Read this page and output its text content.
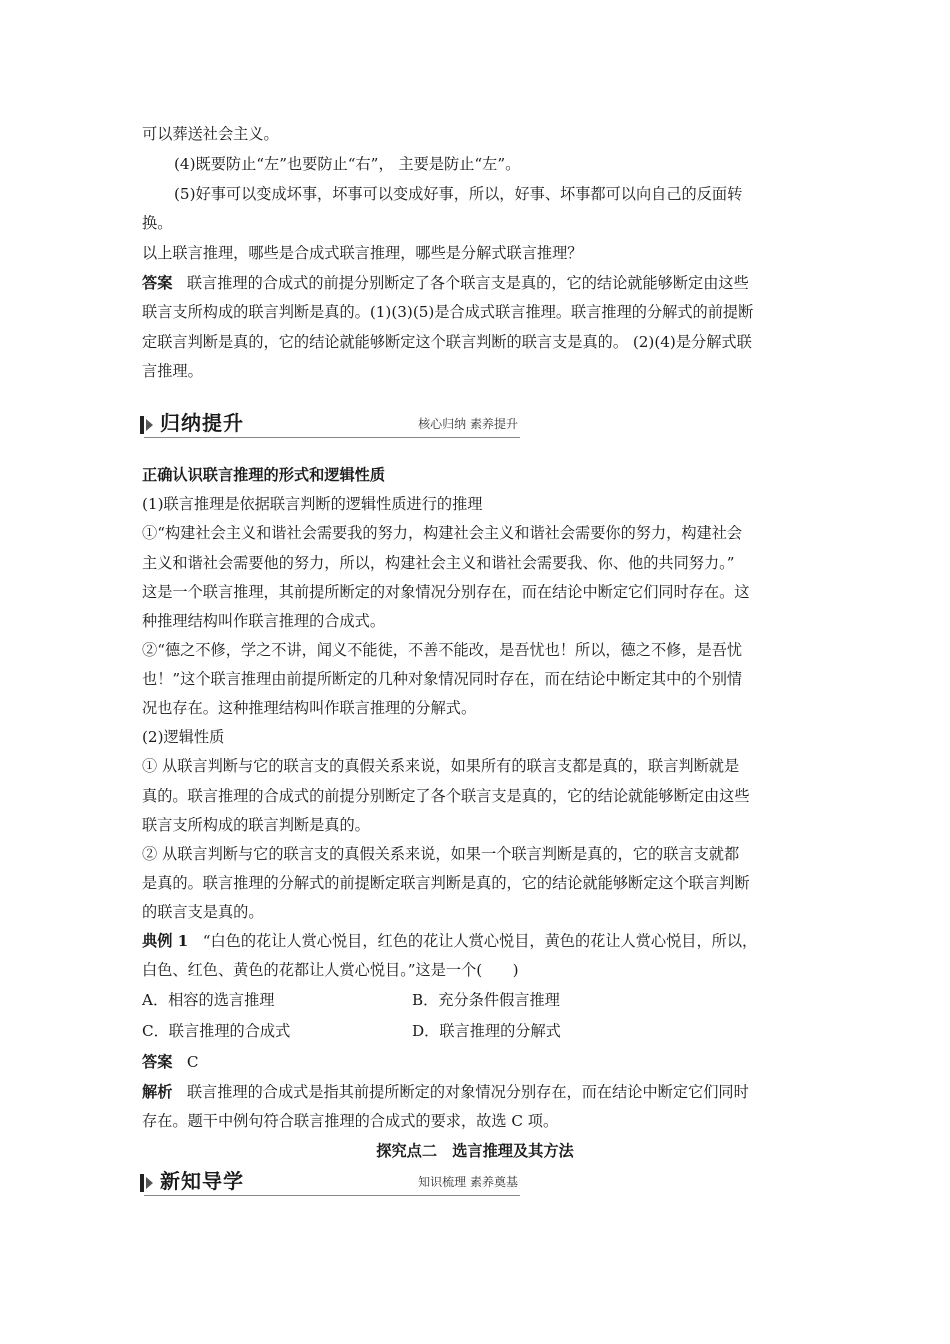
可以葬送社会主义。
(4)既要防止“左”也要防止“右”， 主要是防止“左”。
(5)好事可以变成坏事，坏事可以变成好事，所以，好事、坏事都可以向自己的反面转
换。
以上联言推理，哪些是合成式联言推理，哪些是分解式联言推理？
答案 联言推理的合成式的前提分别断定了各个联言支是真的，它的结论就能够断定由这些
联言支所构成的联言判断是真的。(1)(3)(5)是合成式联言推理。联言推理的分解式的前提断
定联言判断是真的，它的结论就能够断定这个联言判断的联言支是真的。 (2)(4)是分解式联
言推理。
归纳提升	核心归纳 素养提升
正确认识联言推理的形式和逻辑性质
(1)联言推理是依据联言判断的逻辑性质进行的推理
①“构建社会主义和谐社会需要我的努力，构建社会主义和谐社会需要你的努力，构建社会
主义和谐社会需要他的努力，所以，构建社会主义和谐社会需要我、你、他的共同努力。”
这是一个联言推理，其前提所断定的对象情况分别存在，而在结论中断定它们同时存在。这
种推理结构叫作联言推理的合成式。
②“德之不修，学之不讲，闻义不能徙，不善不能改，是吾忧也！所以，德之不修，是吾忧
也！”这个联言推理由前提所断定的几种对象情况同时存在，而在结论中断定其中的个别情
况也存在。这种推理结构叫作联言推理的分解式。
(2)逻辑性质
① 从联言判断与它的联言支的真假关系来说，如果所有的联言支都是真的，联言判断就是
真的。联言推理的合成式的前提分别断定了各个联言支是真的，它的结论就能够断定由这些
联言支所构成的联言判断是真的。
② 从联言判断与它的联言支的真假关系来说，如果一个联言判断是真的，它的联言支就都
是真的。联言推理的分解式的前提断定联言判断是真的，它的结论就能够断定这个联言判断
的联言支是真的。
典例 1 “白色的花让人赏心悦目，红色的花让人赏心悦目，黄色的花让人赏心悦目，所以，
白色、红色、黄色的花都让人赏心悦目。”这是一个(　　)
A．相容的选言推理	B．充分条件假言推理
C．联言推理的合成式	D．联言推理的分解式
答案 C
解析 联言推理的合成式是指其前提所断定的对象情况分别存在，而在结论中断定它们同时
存在。题干中例句符合联言推理的合成式的要求，故选 C 项。
探究点二　选言推理及其方法
新知导学	知识梳理 素养奠基
